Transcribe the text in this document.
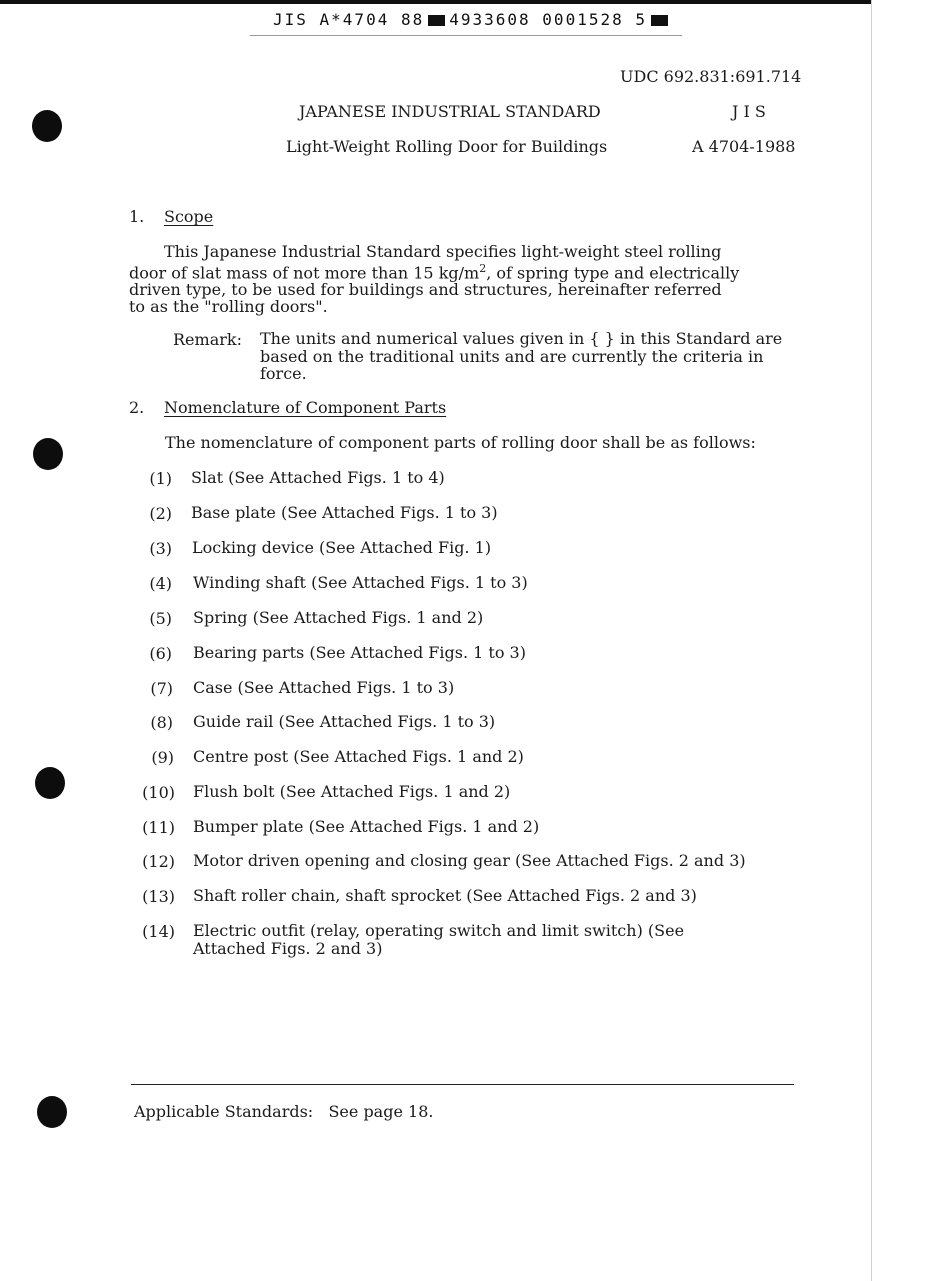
JIS A*4704 88 4933608 0001528 5
UDC 692.831:691.714
JAPANESE INDUSTRIAL STANDARD	J I S
Light-Weight Rolling Door for Buildings	A 4704-1988
1. Scope
This Japanese Industrial Standard specifies light-weight steel rolling
door of slat mass of not more than 15 $kg/m^2$, of spring type and electrically
driven type, to be used for buildings and structures, hereinafter referred
to as the "rolling doors".
Remark: The units and numerical values given in { } in this Standard are based on the traditional units and are currently the criteria in force.
2. Nomenclature of Component Parts
The nomenclature of component parts of rolling door shall be as follows:
(1) Slat (See Attached Figs. 1 to 4)
(2) Base plate (See Attached Figs. 1 to 3)
(3) Locking device (See Attached Fig. 1)
(4) Winding shaft (See Attached Figs. 1 to 3)
(5) Spring (See Attached Figs. 1 and 2)
(6) Bearing parts (See Attached Figs. 1 to 3)
(7) Case (See Attached Figs. 1 to 3)
(8) Guide rail (See Attached Figs. 1 to 3)
(9) Centre post (See Attached Figs. 1 and 2)
(10) Flush bolt (See Attached Figs. 1 and 2)
(11) Bumper plate (See Attached Figs. 1 and 2)
(12) Motor driven opening and closing gear (See Attached Figs. 2 and 3)
(13) Shaft roller chain, shaft sprocket (See Attached Figs. 2 and 3)
(14) Electric outfit (relay, operating switch and limit switch) (See
Attached Figs. 2 and 3)
Applicable Standards:   See page 18.
